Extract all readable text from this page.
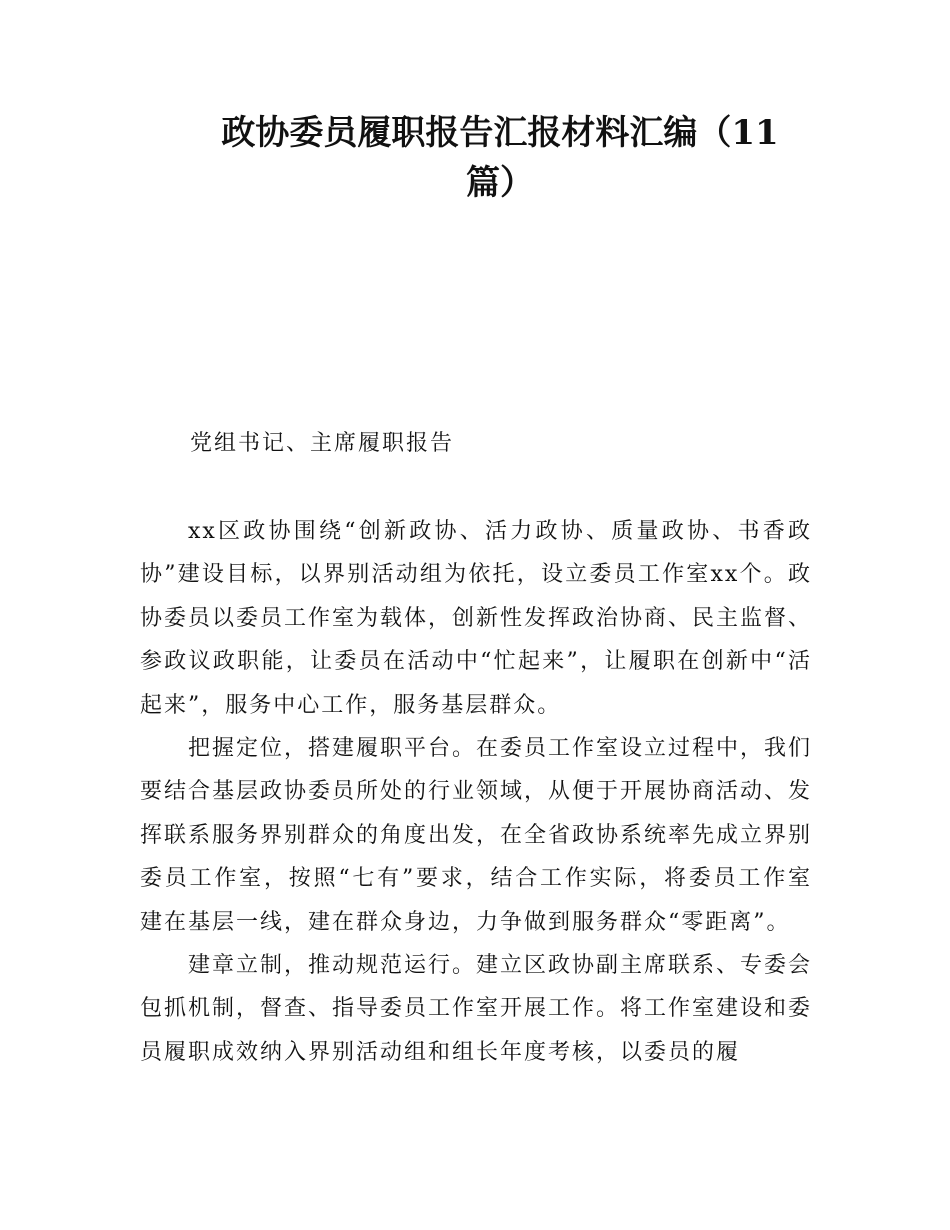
政协委员履职报告汇报材料汇编（11
篇）
党组书记、主席履职报告

xx区政协围绕“创新政协、活力政协、质量政协、书香政协”建设目标，以界别活动组为依托，设立委员工作室xx个。政协委员以委员工作室为载体，创新性发挥政治协商、民主监督、参政议政职能，让委员在活动中“忙起来”，让履职在创新中“活起来”，服务中心工作，服务基层群众。

把握定位，搭建履职平台。在委员工作室设立过程中，我们要结合基层政协委员所处的行业领域，从便于开展协商活动、发挥联系服务界别群众的角度出发，在全省政协系统率先成立界别委员工作室，按照“七有”要求，结合工作实际，将委员工作室建在基层一线，建在群众身边，力争做到服务群众“零距离”。

建章立制，推动规范运行。建立区政协副主席联系、专委会包抓机制，督查、指导委员工作室开展工作。将工作室建设和委员履职成效纳入界别活动组和组长年度考核，以委员的履
